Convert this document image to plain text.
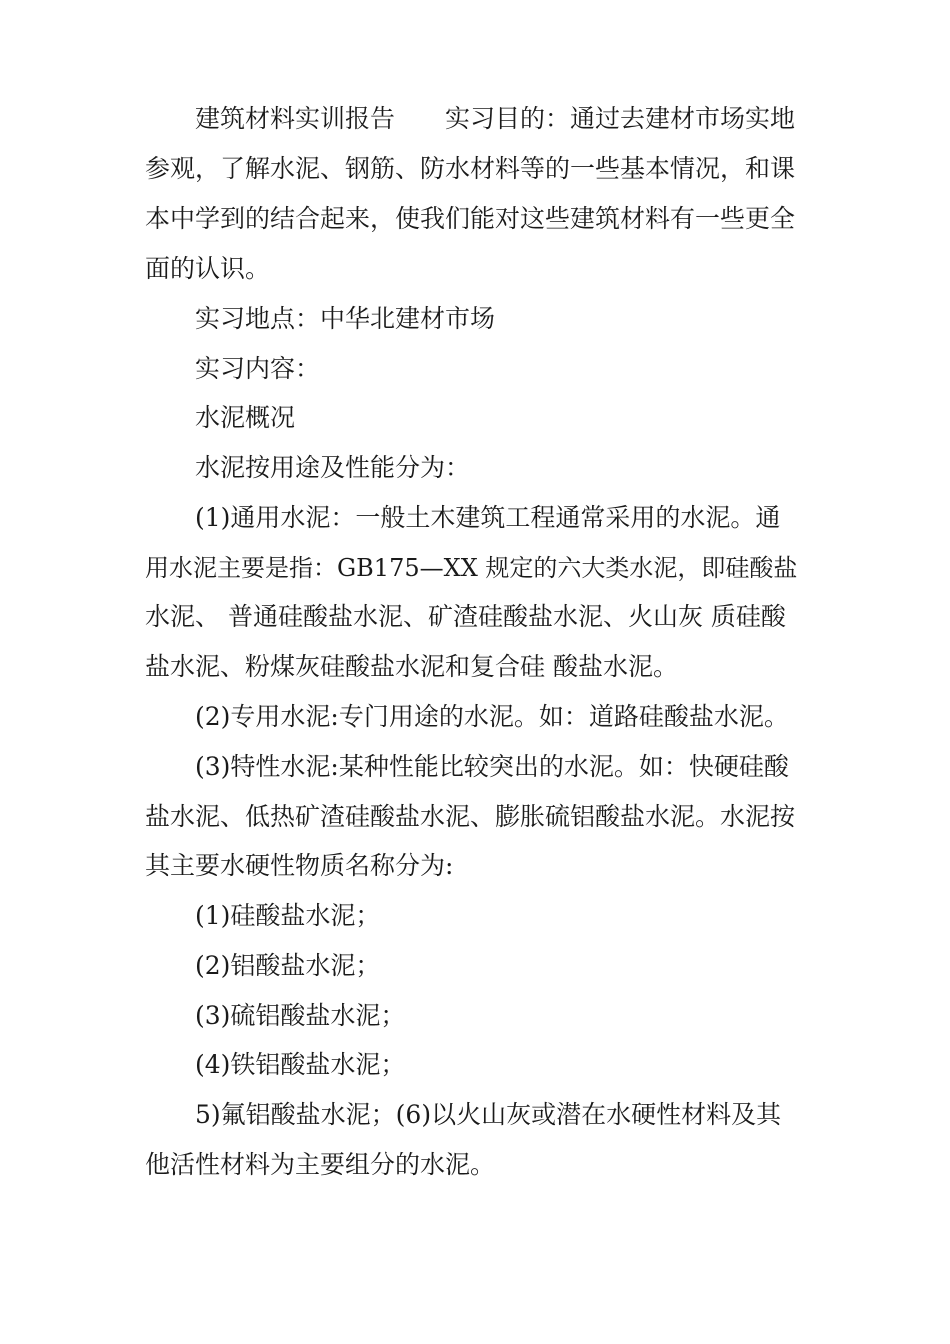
建筑材料实训报告　　实习目的：通过去建材市场实地
参观，了解水泥、钢筋、防水材料等的一些基本情况，和课
本中学到的结合起来，使我们能对这些建筑材料有一些更全
面的认识。
实习地点：中华北建材市场
实习内容：
水泥概况
水泥按用途及性能分为：
(1)通用水泥：一般土木建筑工程通常采用的水泥。通
用水泥主要是指：GB175—XX 规定的六大类水泥，即硅酸盐
水泥、 普通硅酸盐水泥、矿渣硅酸盐水泥、火山灰 质硅酸
盐水泥、粉煤灰硅酸盐水泥和复合硅 酸盐水泥。
(2)专用水泥:专门用途的水泥。如：道路硅酸盐水泥。
(3)特性水泥:某种性能比较突出的水泥。如：快硬硅酸
盐水泥、低热矿渣硅酸盐水泥、膨胀硫铝酸盐水泥。水泥按
其主要水硬性物质名称分为:
(1)硅酸盐水泥；
(2)铝酸盐水泥；
(3)硫铝酸盐水泥；
(4)铁铝酸盐水泥；
5)氟铝酸盐水泥；(6)以火山灰或潜在水硬性材料及其
他活性材料为主要组分的水泥。
